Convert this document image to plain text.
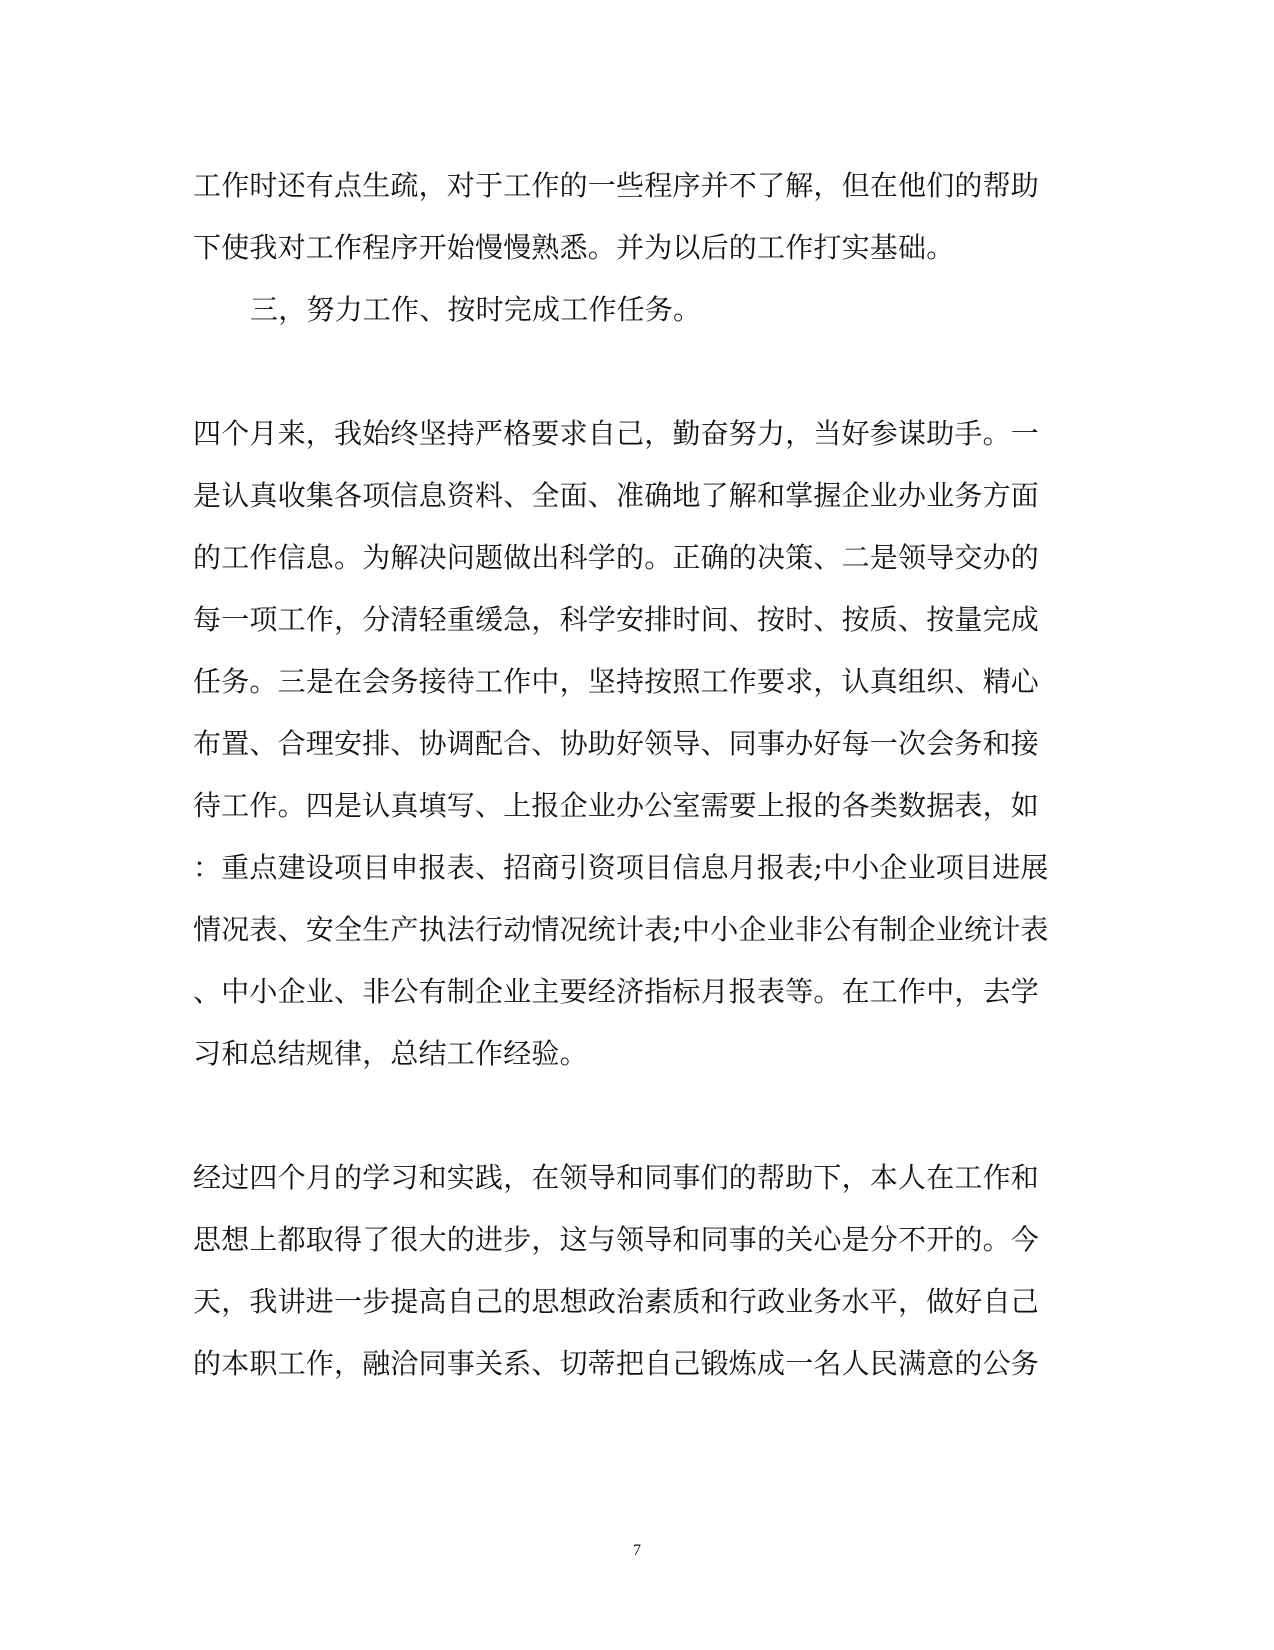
工作时还有点生疏，对于工作的一些程序并不了解，但在他们的帮助
下使我对工作程序开始慢慢熟悉。并为以后的工作打实基础。
三，努力工作、按时完成工作任务。
四个月来，我始终坚持严格要求自己，勤奋努力，当好参谋助手。一
是认真收集各项信息资料、全面、准确地了解和掌握企业办业务方面
的工作信息。为解决问题做出科学的。正确的决策、二是领导交办的
每一项工作，分清轻重缓急，科学安排时间、按时、按质、按量完成
任务。三是在会务接待工作中，坚持按照工作要求，认真组织、精心
布置、合理安排、协调配合、协助好领导、同事办好每一次会务和接
待工作。四是认真填写、上报企业办公室需要上报的各类数据表，如
：重点建设项目申报表、招商引资项目信息月报表;中小企业项目进展
情况表、安全生产执法行动情况统计表;中小企业非公有制企业统计表
、中小企业、非公有制企业主要经济指标月报表等。在工作中，去学
习和总结规律，总结工作经验。
经过四个月的学习和实践，在领导和同事们的帮助下，本人在工作和
思想上都取得了很大的进步，这与领导和同事的关心是分不开的。今
天，我讲进一步提高自己的思想政治素质和行政业务水平，做好自己
的本职工作，融洽同事关系、切蒂把自己锻炼成一名人民满意的公务
7
